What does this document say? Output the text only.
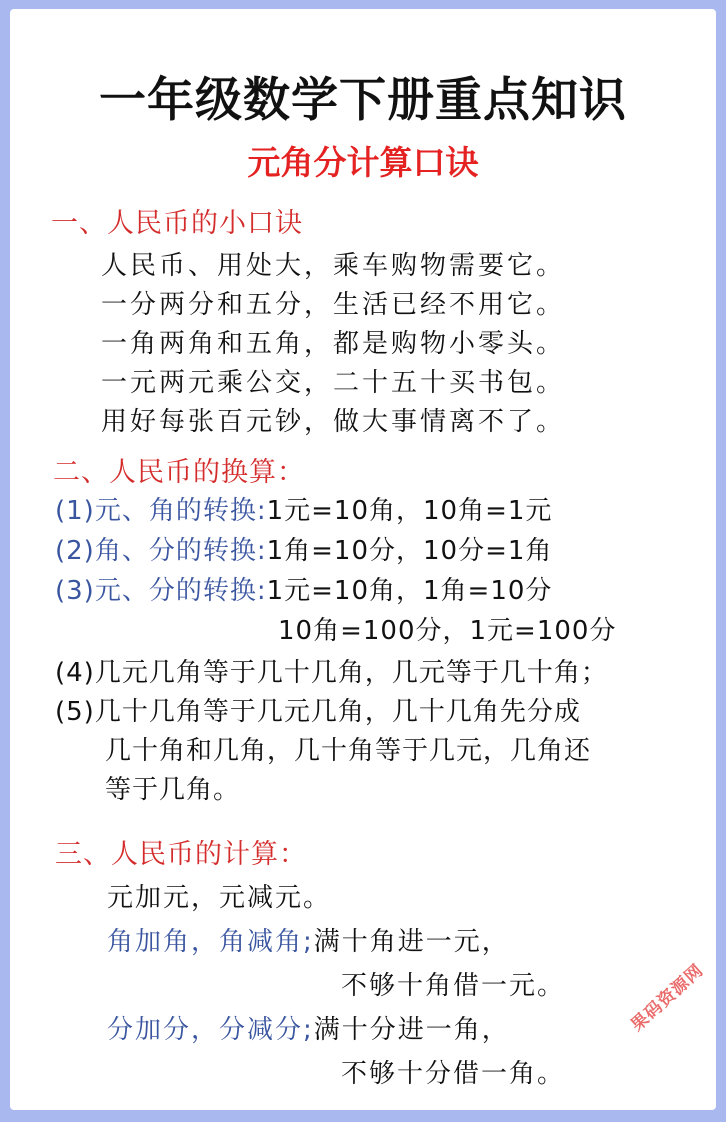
一年级数学下册重点知识
元角分计算口诀
一、人民币的小口诀
人民币、用处大，乘车购物需要它。
一分两分和五分，生活已经不用它。
一角两角和五角，都是购物小零头。
一元两元乘公交，二十五十买书包。
用好每张百元钞，做大事情离不了。
二、人民币的换算：
(1)元、角的转换:1元=10角，10角=1元
(2)角、分的转换:1角=10分，10分=1角
(3)元、分的转换:1元=10角，1角=10分
10角=100分，1元=100分
(4)几元几角等于几十几角，几元等于几十角；
(5)几十几角等于几元几角，几十几角先分成
几十角和几角，几十角等于几元，几角还
等于几角。
三、人民币的计算：
元加元，元减元。
角加角，角减角;满十角进一元，
不够十角借一元。
分加分，分减分;满十分进一角，
不够十分借一角。
果码资源网
